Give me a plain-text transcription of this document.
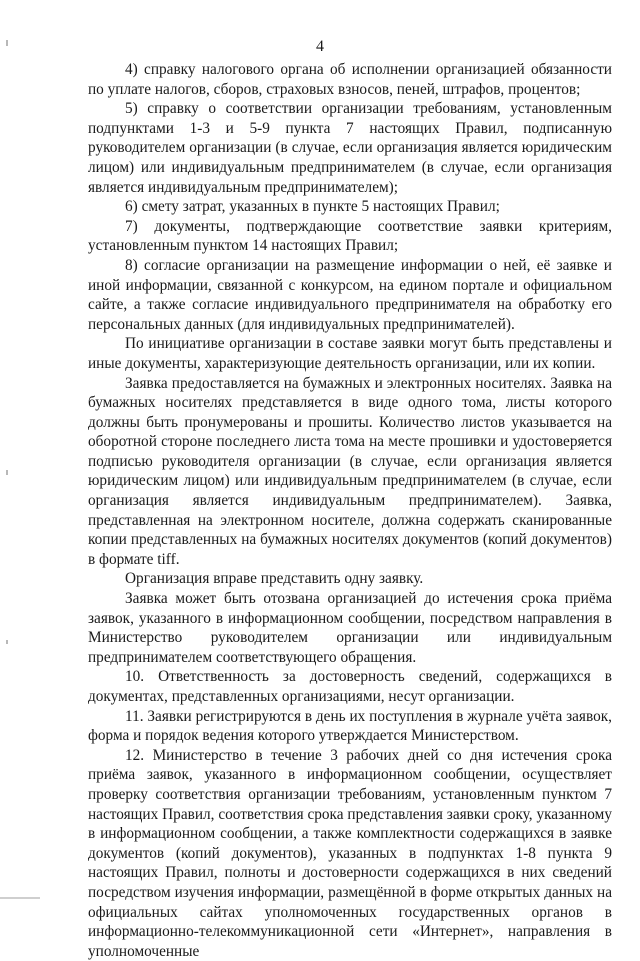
4

4) справку налогового органа об исполнении организацией обязанности по уплате налогов, сборов, страховых взносов, пеней, штрафов, процентов;

5) справку о соответствии организации требованиям, установленным подпунктами 1-3 и 5-9 пункта 7 настоящих Правил, подписанную руководителем организации (в случае, если организация является юридическим лицом) или индивидуальным предпринимателем (в случае, если организация является индивидуальным предпринимателем);

6) смету затрат, указанных в пункте 5 настоящих Правил;

7) документы, подтверждающие соответствие заявки критериям, установленным пунктом 14 настоящих Правил;

8) согласие организации на размещение информации о ней, её заявке и иной информации, связанной с конкурсом, на едином портале и официальном сайте, а также согласие индивидуального предпринимателя на обработку его персональных данных (для индивидуальных предпринимателей).

По инициативе организации в составе заявки могут быть представлены и иные документы, характеризующие деятельность организации, или их копии.

Заявка предоставляется на бумажных и электронных носителях. Заявка на бумажных носителях представляется в виде одного тома, листы которого должны быть пронумерованы и прошиты. Количество листов указывается на оборотной стороне последнего листа тома на месте прошивки и удостоверяется подписью руководителя организации (в случае, если организация является юридическим лицом) или индивидуальным предпринимателем (в случае, если организация является индивидуальным предпринимателем). Заявка, представленная на электронном носителе, должна содержать сканированные копии представленных на бумажных носителях документов (копий документов) в формате tiff.

Организация вправе представить одну заявку.

Заявка может быть отозвана организацией до истечения срока приёма заявок, указанного в информационном сообщении, посредством направления в Министерство руководителем организации или индивидуальным предпринимателем соответствующего обращения.

10. Ответственность за достоверность сведений, содержащихся в документах, представленных организациями, несут организации.

11. Заявки регистрируются в день их поступления в журнале учёта заявок, форма и порядок ведения которого утверждается Министерством.

12. Министерство в течение 3 рабочих дней со дня истечения срока приёма заявок, указанного в информационном сообщении, осуществляет проверку соответствия организации требованиям, установленным пунктом 7 настоящих Правил, соответствия срока представления заявки сроку, указанному в информационном сообщении, а также комплектности содержащихся в заявке документов (копий документов), указанных в подпунктах 1-8 пункта 9 настоящих Правил, полноты и достоверности содержащихся в них сведений посредством изучения информации, размещённой в форме открытых данных на официальных сайтах уполномоченных государственных органов в информационно-телекоммуникационной сети «Интернет», направления в уполномоченные
